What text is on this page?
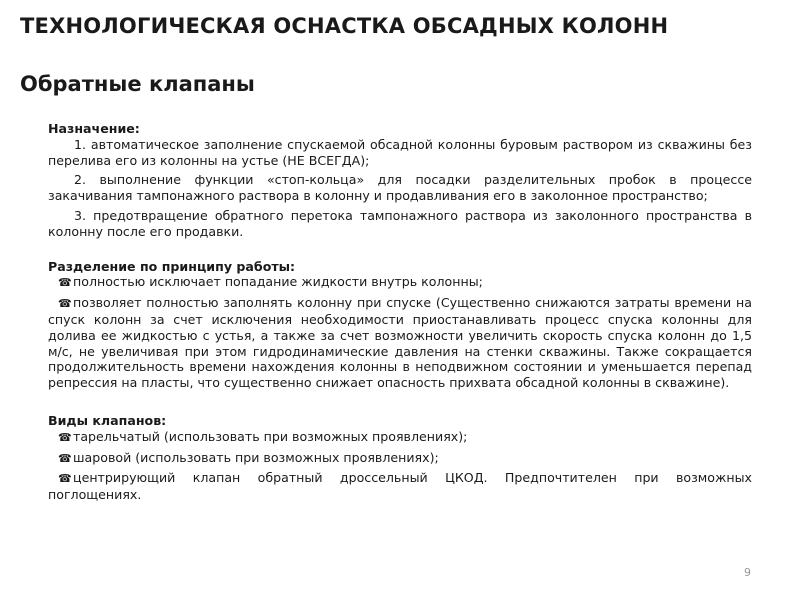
ТЕХНОЛОГИЧЕСКАЯ ОСНАСТКА ОБСАДНЫХ КОЛОНН
Обратные клапаны

Назначение:

1. автоматическое заполнение спускаемой обсадной колонны буровым раствором из скважины без перелива его из колонны на устье (НЕ ВСЕГДА);

2. выполнение функции «стоп-кольца» для посадки разделительных пробок в процессе закачивания тампонажного раствора в колонну и продавливания его в заколонное пространство;

3. предотвращение обратного перетока тампонажного раствора из заколонного пространства в колонну после его продавки.

Разделение по принципу работы:

☎полностью исключает попадание жидкости внутрь колонны;

☎позволяет полностью заполнять колонну при спуске (Существенно снижаются затраты времени на спуск колонн за счет исключения необходимости приостанавливать процесс спуска колонны для долива ее жидкостью с устья, а также за счет возможности увеличить скорость спуска колонн до 1,5 м/с, не увеличивая при этом гидродинамические давления на стенки скважины. Также сокращается продолжительность времени нахождения колонны в неподвижном состоянии и уменьшается перепад репрессия на пласты, что существенно снижает опасность прихвата обсадной колонны в скважине).

Виды клапанов:

☎тарельчатый (использовать при возможных проявлениях);

☎шаровой (использовать при возможных проявлениях);

☎центрирующий клапан обратный дроссельный ЦКОД. Предпочтителен при возможных поглощениях.

9
